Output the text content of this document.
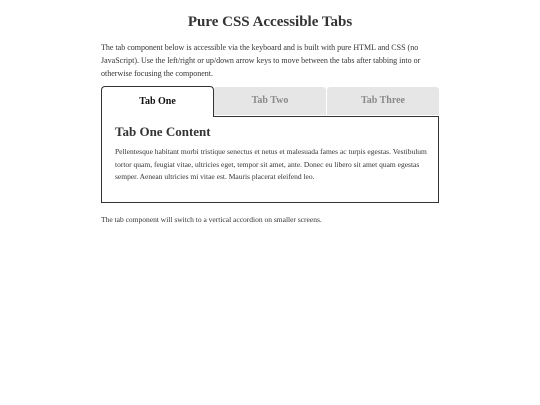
Pure CSS Accessible Tabs

The tab component below is accessible via the keyboard and is built with pure HTML and CSS (no JavaScript). Use the left/right or up/down arrow keys to move between the tabs after tabbing into or otherwise focusing the component.

Tab One	Tab Two	Tab Three
Tab One Content

Pellentesque habitant morbi tristique senectus et netus et malesuada fames ac turpis egestas. Vestibulum tortor quam, feugiat vitae, ultricies eget, tempor sit amet, ante. Donec eu libero sit amet quam egestas semper. Aenean ultricies mi vitae est. Mauris placerat eleifend leo.

The tab component will switch to a vertical accordion on smaller screens.
